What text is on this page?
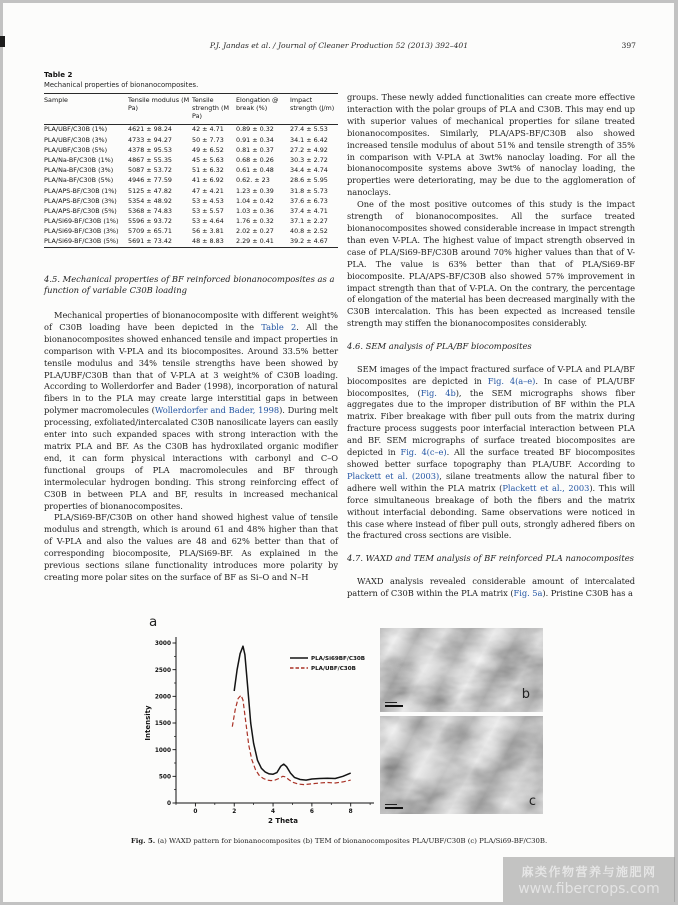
P.J. Jandas et al. / Journal of Cleaner Production 52 (2013) 392–401	397
Table 2
Mechanical properties of bionanocomposites.
Sample	Tensile modulus (M Pa)	Tensile strength (M Pa)	Elongation @ break (%)	Impact strength (J/m)
PLA/UBF/C30B (1%)	4621 ± 98.24	42 ± 4.71	0.89 ± 0.32	27.4 ± 5.53
PLA/UBF/C30B (3%)	4733 ± 94.27	50 ± 7.73	0.91 ± 0.34	34.1 ± 6.42
PLA/UBF/C30B (5%)	4378 ± 95.53	49 ± 6.52	0.81 ± 0.37	27.2 ± 4.92
PLA/Na-BF/C30B (1%)	4867 ± 55.35	45 ± 5.63	0.68 ± 0.26	30.3 ± 2.72
PLA/Na-BF/C30B (3%)	5087 ± 53.72	51 ± 6.32	0.61 ± 0.48	34.4 ± 4.74
PLA/Na-BF/C30B (5%)	4946 ± 77.59	41 ± 6.92	0.62. ± 23	28.6 ± 5.95
PLA/APS-BF/C30B (1%)	5125 ± 47.82	47 ± 4.21	1.23 ± 0.39	31.8 ± 5.73
PLA/APS-BF/C30B (3%)	5354 ± 48.92	53 ± 4.53	1.04 ± 0.42	37.6 ± 6.73
PLA/APS-BF/C30B (5%)	5368 ± 74.83	53 ± 5.57	1.03 ± 0.36	37.4 ± 4.71
PLA/Si69-BF/C30B (1%)	5596 ± 93.72	53 ± 4.64	1.76 ± 0.32	37.1 ± 2.27
PLA/Si69-BF/C30B (3%)	5709 ± 65.71	56 ± 3.81	2.02 ± 0.27	40.8 ± 2.52
PLA/Si69-BF/C30B (5%)	5691 ± 73.42	48 ± 8.83	2.29 ± 0.41	39.2 ± 4.67
4.5. Mechanical properties of BF reinforced bionanocomposites as a function of variable C30B loading

Mechanical properties of bionanocomposite with different weight% of C30B loading have been depicted in the Table 2. All the bionanocomposites showed enhanced tensile and impact properties in comparison with V-PLA and its biocomposites. Around 33.5% better tensile modulus and 34% tensile strengths have been showed by PLA/UBF/C30B than that of V-PLA at 3 weight% of C30B loading. According to Wollerdorfer and Bader (1998), incorporation of natural fibers in to the PLA may create large interstitial gaps in between polymer macromolecules (Wollerdorfer and Bader, 1998). During melt processing, exfoliated/intercalated C30B nanosilicate layers can easily enter into such expanded spaces with strong interaction with the matrix PLA and BF. As the C30B has hydroxilated organic modifier end, it can form physical interactions with carbonyl and C–O functional groups of PLA macromolecules and BF through intermolecular hydrogen bonding. This strong reinforcing effect of C30B in between PLA and BF, results in increased mechanical properties of bionanocomposites.

PLA/Si69-BF/C30B on other hand showed highest value of tensile modulus and strength, which is around 61 and 48% higher than that of V-PLA and also the values are 48 and 62% better than that of corresponding biocomposite, PLA/Si69-BF. As explained in the previous sections silane functionality introduces more polarity by creating more polar sites on the surface of BF as Si–O and N–H

groups. These newly added functionalities can create more effective interaction with the polar groups of PLA and C30B. This may end up with superior values of mechanical properties for silane treated bionanocomposites. Similarly, PLA/APS-BF/C30B also showed increased tensile modulus of about 51% and tensile strength of 35% in comparison with V-PLA at 3wt% nanoclay loading. For all the bionanocomposite systems above 3wt% of nanoclay loading, the properties were deteriorating, may be due to the agglomeration of nanoclays.

One of the most positive outcomes of this study is the impact strength of bionanocomposites. All the surface treated bionanocomposites showed considerable increase in impact strength than even V-PLA. The highest value of impact strength observed in case of PLA/Si69-BF/C30B around 70% higher values than that of V-PLA. The value is 63% better than that of PLA/Si69-BF biocomposite. PLA/APS-BF/C30B also showed 57% improvement in impact strength than that of V-PLA. On the contrary, the percentage of elongation of the material has been decreased marginally with the C30B intercalation. This has been expected as increased tensile strength may stiffen the bionanocomposites considerably.

4.6. SEM analysis of PLA/BF biocomposites

SEM images of the impact fractured surface of V-PLA and PLA/BF biocomposites are depicted in Fig. 4(a–e). In case of PLA/UBF biocomposites, (Fig. 4b), the SEM micrographs shows fiber aggregates due to the improper distribution of BF within the PLA matrix. Fiber breakage with fiber pull outs from the matrix during fracture process suggests poor interfacial interaction between PLA and BF. SEM micrographs of surface treated biocomposites are depicted in Fig. 4(c–e). All the surface treated BF biocomposites showed better surface topography than PLA/UBF. According to Plackett et al. (2003), silane treatments allow the natural fiber to adhere well within the PLA matrix (Plackett et al., 2003). This will force simultaneous breakage of both the fibers and the matrix without interfacial debonding. Same observations were noticed in this case where instead of fiber pull outs, strongly adhered fibers on the fractured cross sections are visible.

4.7. WAXD and TEM analysis of BF reinforced PLA nanocomposites

WAXD analysis revealed considerable amount of intercalated pattern of C30B within the PLA matrix (Fig. 5a). Pristine C30B has a

a
0
500
1000
1500
2000
2500
3000
0	2	4	6	8
PLA/Si69BF/C30B
PLA/UBF/C30B
Intensity
2 Theta
b
c
Fig. 5. (a) WAXD pattern for bionanocomposites (b) TEM of bionanocomposites PLA/UBF/C30B (c) PLA/Si69-BF/C30B.
麻类作物营养与施肥网
www.fibercrops.com
